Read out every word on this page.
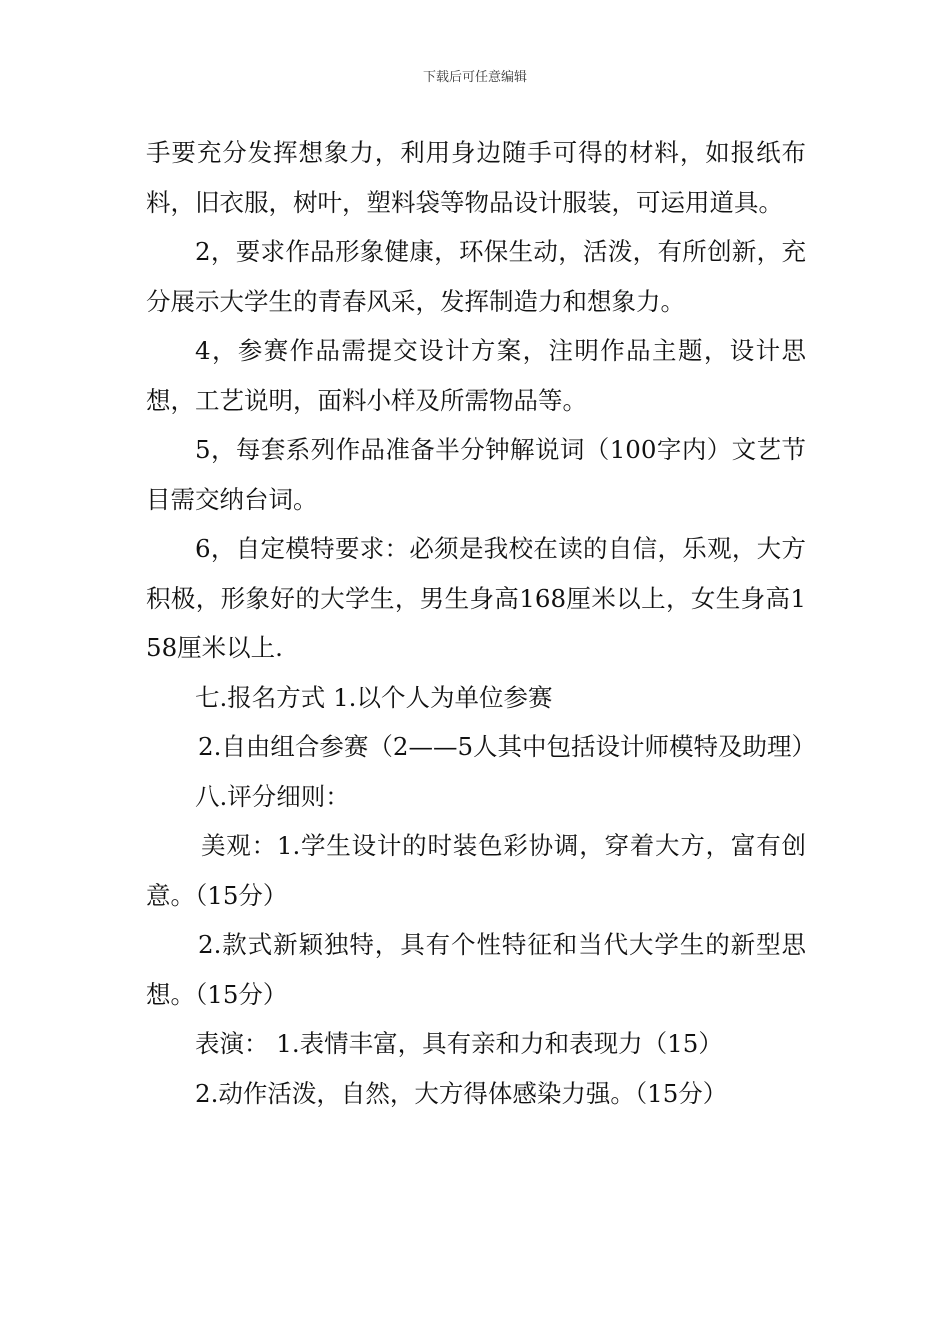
下载后可任意编辑

手要充分发挥想象力，利用身边随手可得的材料，如报纸布料，旧衣服，树叶，塑料袋等物品设计服装，可运用道具。

2，要求作品形象健康，环保生动，活泼，有所创新，充分展示大学生的青春风采，发挥制造力和想象力。

4，参赛作品需提交设计方案，注明作品主题，设计思想，工艺说明，面料小样及所需物品等。

5，每套系列作品准备半分钟解说词（100字内）文艺节目需交纳台词。

6，自定模特要求：必须是我校在读的自信，乐观，大方积极，形象好的大学生，男生身高168厘米以上，女生身高158厘米以上.

七.报名方式 1.以个人为单位参赛

2.自由组合参赛（2——5人其中包括设计师模特及助理）

八.评分细则：

美观：1.学生设计的时装色彩协调，穿着大方，富有创意。（15分）

2.款式新颖独特，具有个性特征和当代大学生的新型思想。（15分）

表演： 1.表情丰富，具有亲和力和表现力（15）

2.动作活泼，自然，大方得体感染力强。（15分）
